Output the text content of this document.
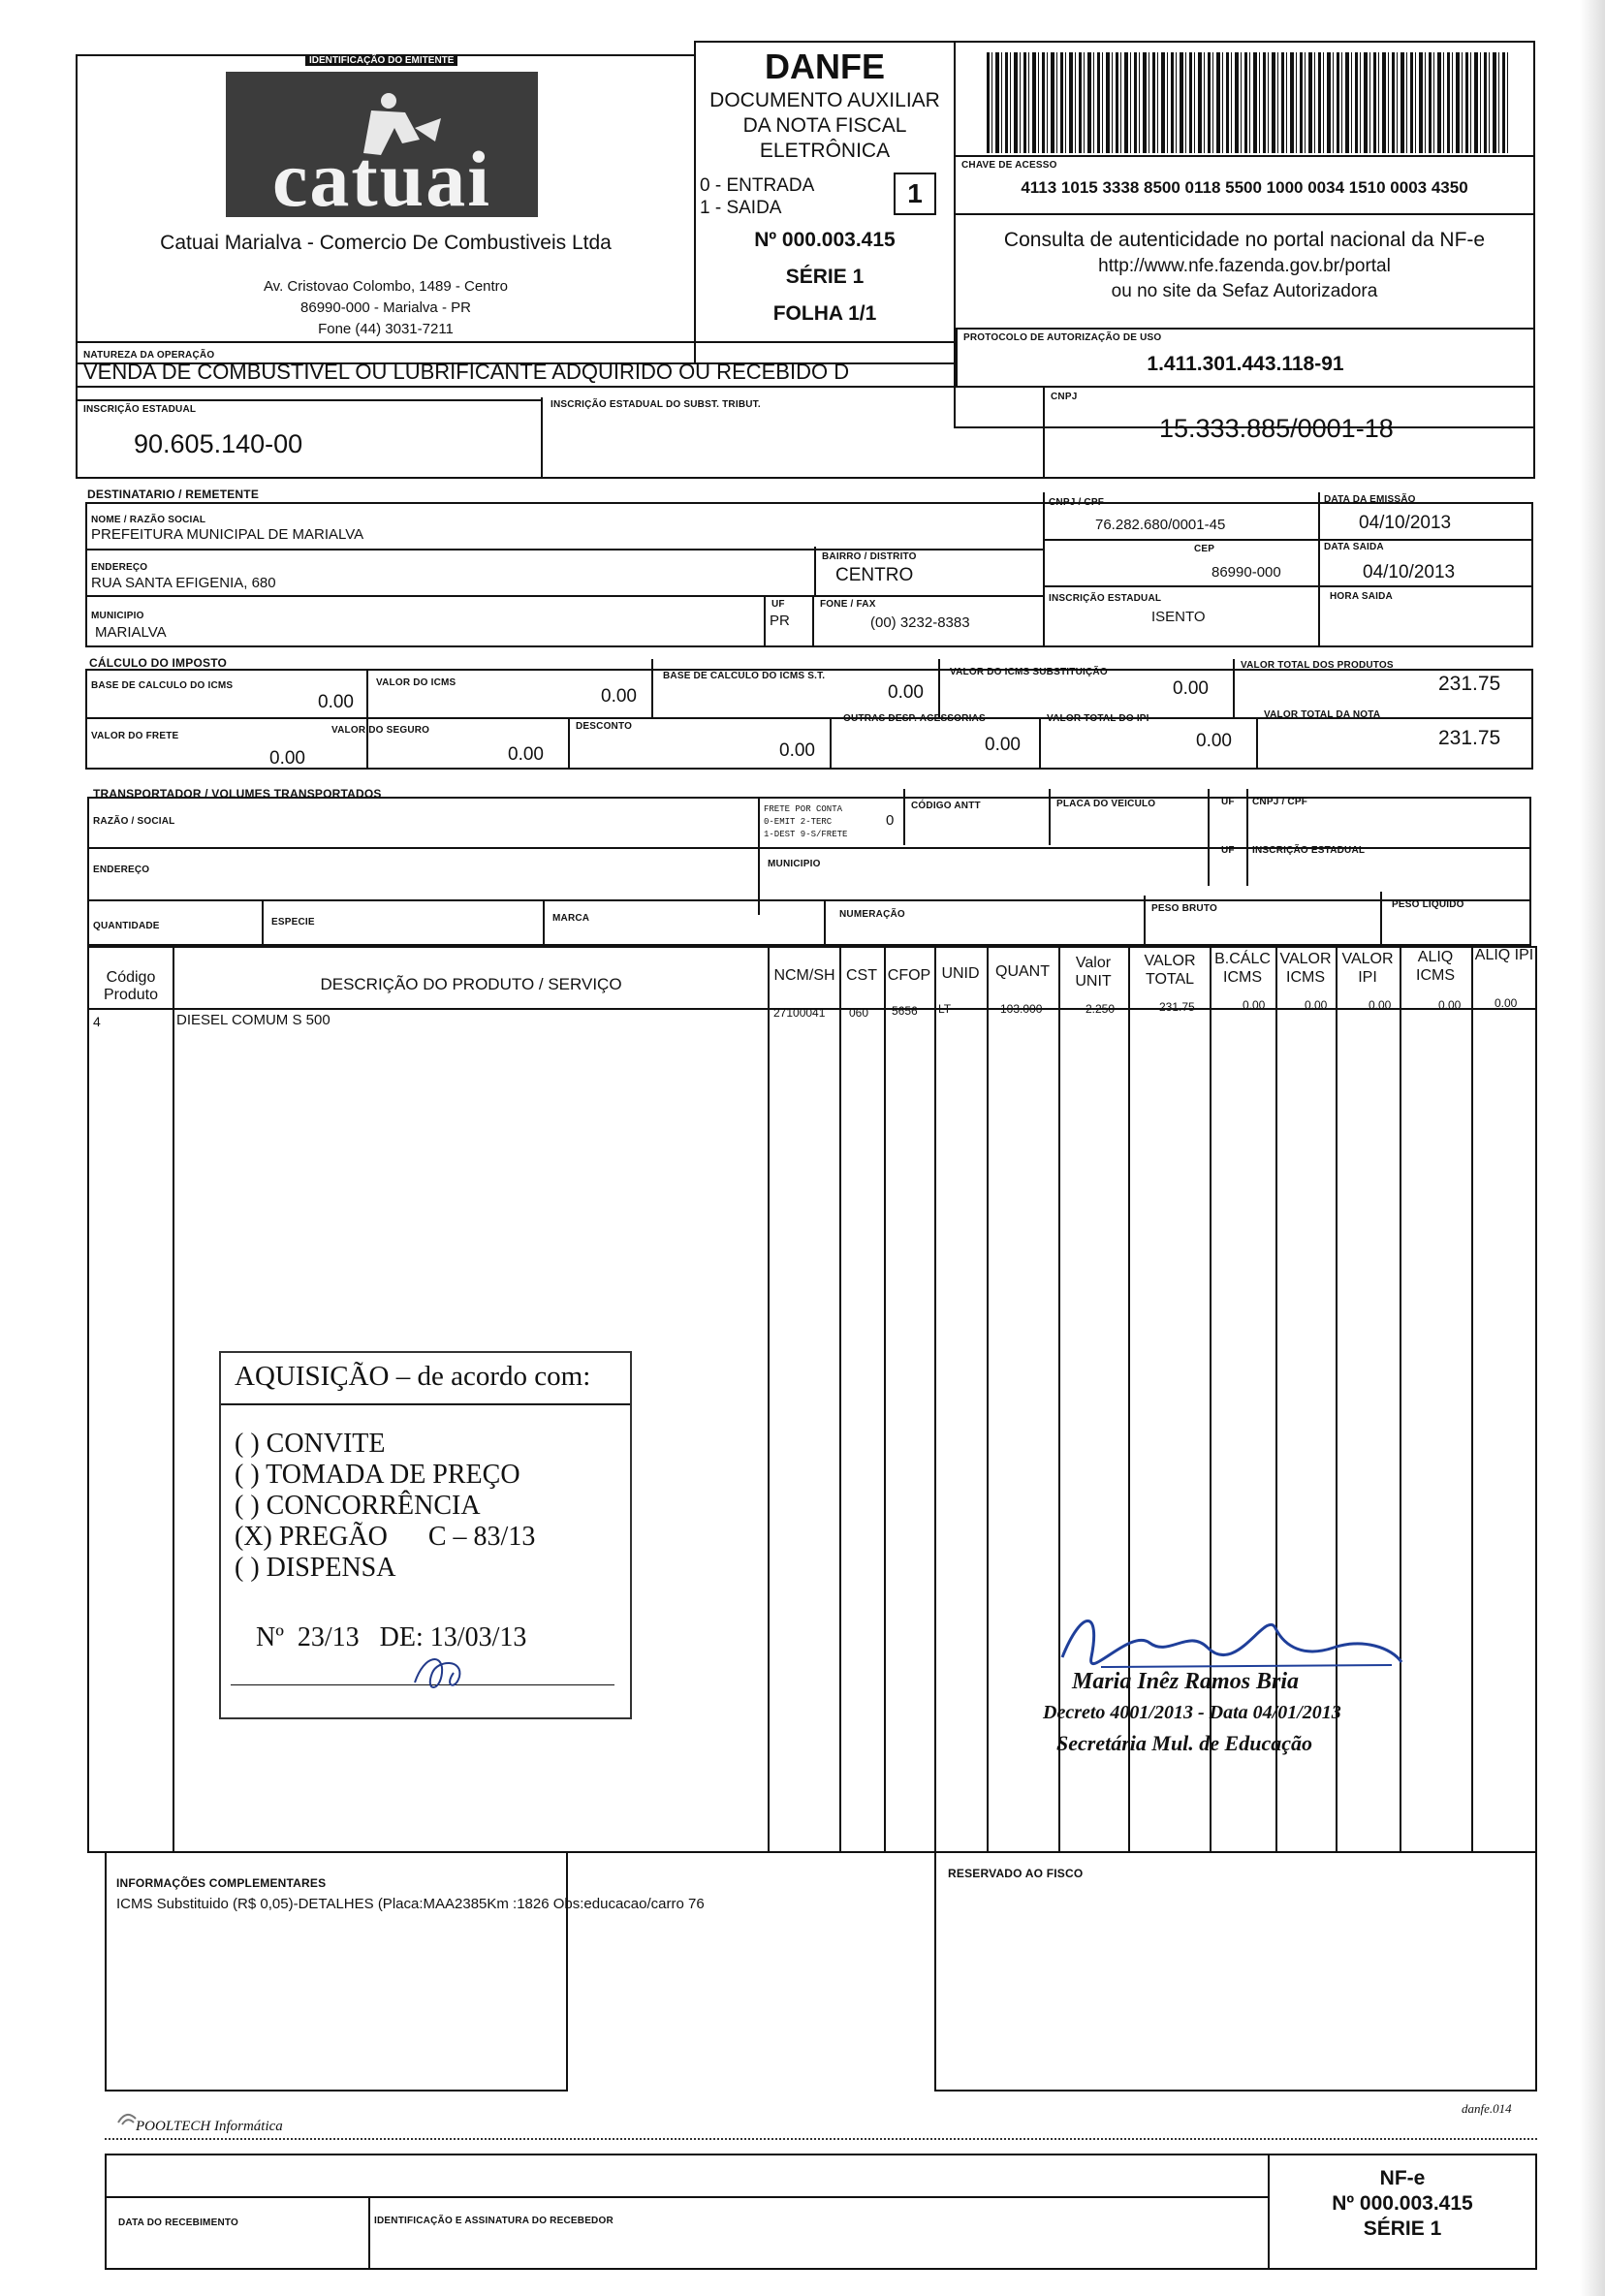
IDENTIFICAÇÃO DO EMITENTE
catuai
Catuai Marialva - Comercio De Combustiveis Ltda
Av. Cristovao Colombo, 1489 - Centro
86990-000 - Marialva - PR
Fone (44) 3031-7211
DANFE
DOCUMENTO AUXILIAR
DA NOTA FISCAL
ELETRÔNICA
0 - ENTRADA
1 - SAIDA	1
Nº 000.003.415
SÉRIE 1
FOLHA 1/1
CHAVE DE ACESSO
4113 1015 3338 8500 0118 5500 1000 0034 1510 0003 4350
Consulta de autenticidade no portal nacional da NF-e
http://www.nfe.fazenda.gov.br/portal
ou no site da Sefaz Autorizadora
NATUREZA DA OPERAÇÃO
VENDA DE COMBUSTIVEL OU LUBRIFICANTE ADQUIRIDO OU RECEBIDO D
PROTOCOLO DE AUTORIZAÇÃO DE USO
1.411.301.443.118-91
INSCRIÇÃO ESTADUAL
90.605.140-00
INSCRIÇÃO ESTADUAL DO SUBST. TRIBUT.
CNPJ
15.333.885/0001-18
DESTINATARIO / REMETENTE
NOME / RAZÃO SOCIAL
PREFEITURA MUNICIPAL DE MARIALVA
CNPJ / CPF
76.282.680/0001-45
DATA DA EMISSÃO
04/10/2013
ENDEREÇO
RUA SANTA EFIGENIA, 680
BAIRRO / DISTRITO
CENTRO
CEP
86990-000
DATA SAIDA
04/10/2013
MUNICIPIO
MARIALVA
UF
PR
FONE / FAX
(00) 3232-8383
INSCRIÇÃO ESTADUAL
ISENTO
HORA SAIDA
CÁLCULO DO IMPOSTO
BASE DE CALCULO DO ICMS
0.00
VALOR DO ICMS
0.00
BASE DE CALCULO DO ICMS S.T.
0.00
VALOR DO ICMS SUBSTITUIÇÃO
0.00
VALOR TOTAL DOS PRODUTOS
231.75
VALOR DO FRETE
0.00
VALOR DO SEGURO
0.00
DESCONTO
0.00
OUTRAS DESP. ACESSORIAS
0.00
VALOR TOTAL DO IPI
0.00
VALOR TOTAL DA NOTA
231.75
TRANSPORTADOR / VOLUMES TRANSPORTADOS
RAZÃO / SOCIAL
FRETE POR CONTA
0-EMIT 2-TERC
1-DEST 9-S/FRETE
0
CÓDIGO ANTT	PLACA DO VEICULO	UF CNPJ / CPF
ENDEREÇO
MUNICIPIO
UF INSCRIÇÃO ESTADUAL
QUANTIDADE	ESPECIE	MARCA	NUMERAÇÃO
PESO BRUTO	PESO LIQUIDO
Código Produto
DESCRIÇÃO DO PRODUTO / SERVIÇO	NCM/SH CST CFOP UNID	QUANT
Valor UNIT
VALOR TOTAL
B.CÁLC ICMS
VALOR ICMS
VALOR IPI
ALIQ ICMS
ALIQ IPI
4	DIESEL COMUM S 500	27100041 060 5656 LT	103.000	2.250	231.75	0.00	0.00	0.00	0.00	0.00
AQUISIÇÃO – de acordo com:
( ) CONVITE
( ) TOMADA DE PREÇO
( ) CONCORRÊNCIA
(X) PREGÃO      C – 83/13
( ) DISPENSA
Nº  23/13   DE: 13/03/13
Maria Inêz Ramos Bria
Decreto 4001/2013 - Data 04/01/2013
Secretária Mul. de Educação
INFORMAÇÕES COMPLEMENTARES
ICMS Substituido (R$ 0,05)-DETALHES (Placa:MAA2385Km :1826 Obs:educacao/carro 76
RESERVADO AO FISCO
POOLTECH Informática
danfe.014
DATA DO RECEBIMENTO	IDENTIFICAÇÃO E ASSINATURA DO RECEBEDOR
NF-e
Nº 000.003.415
SÉRIE 1
